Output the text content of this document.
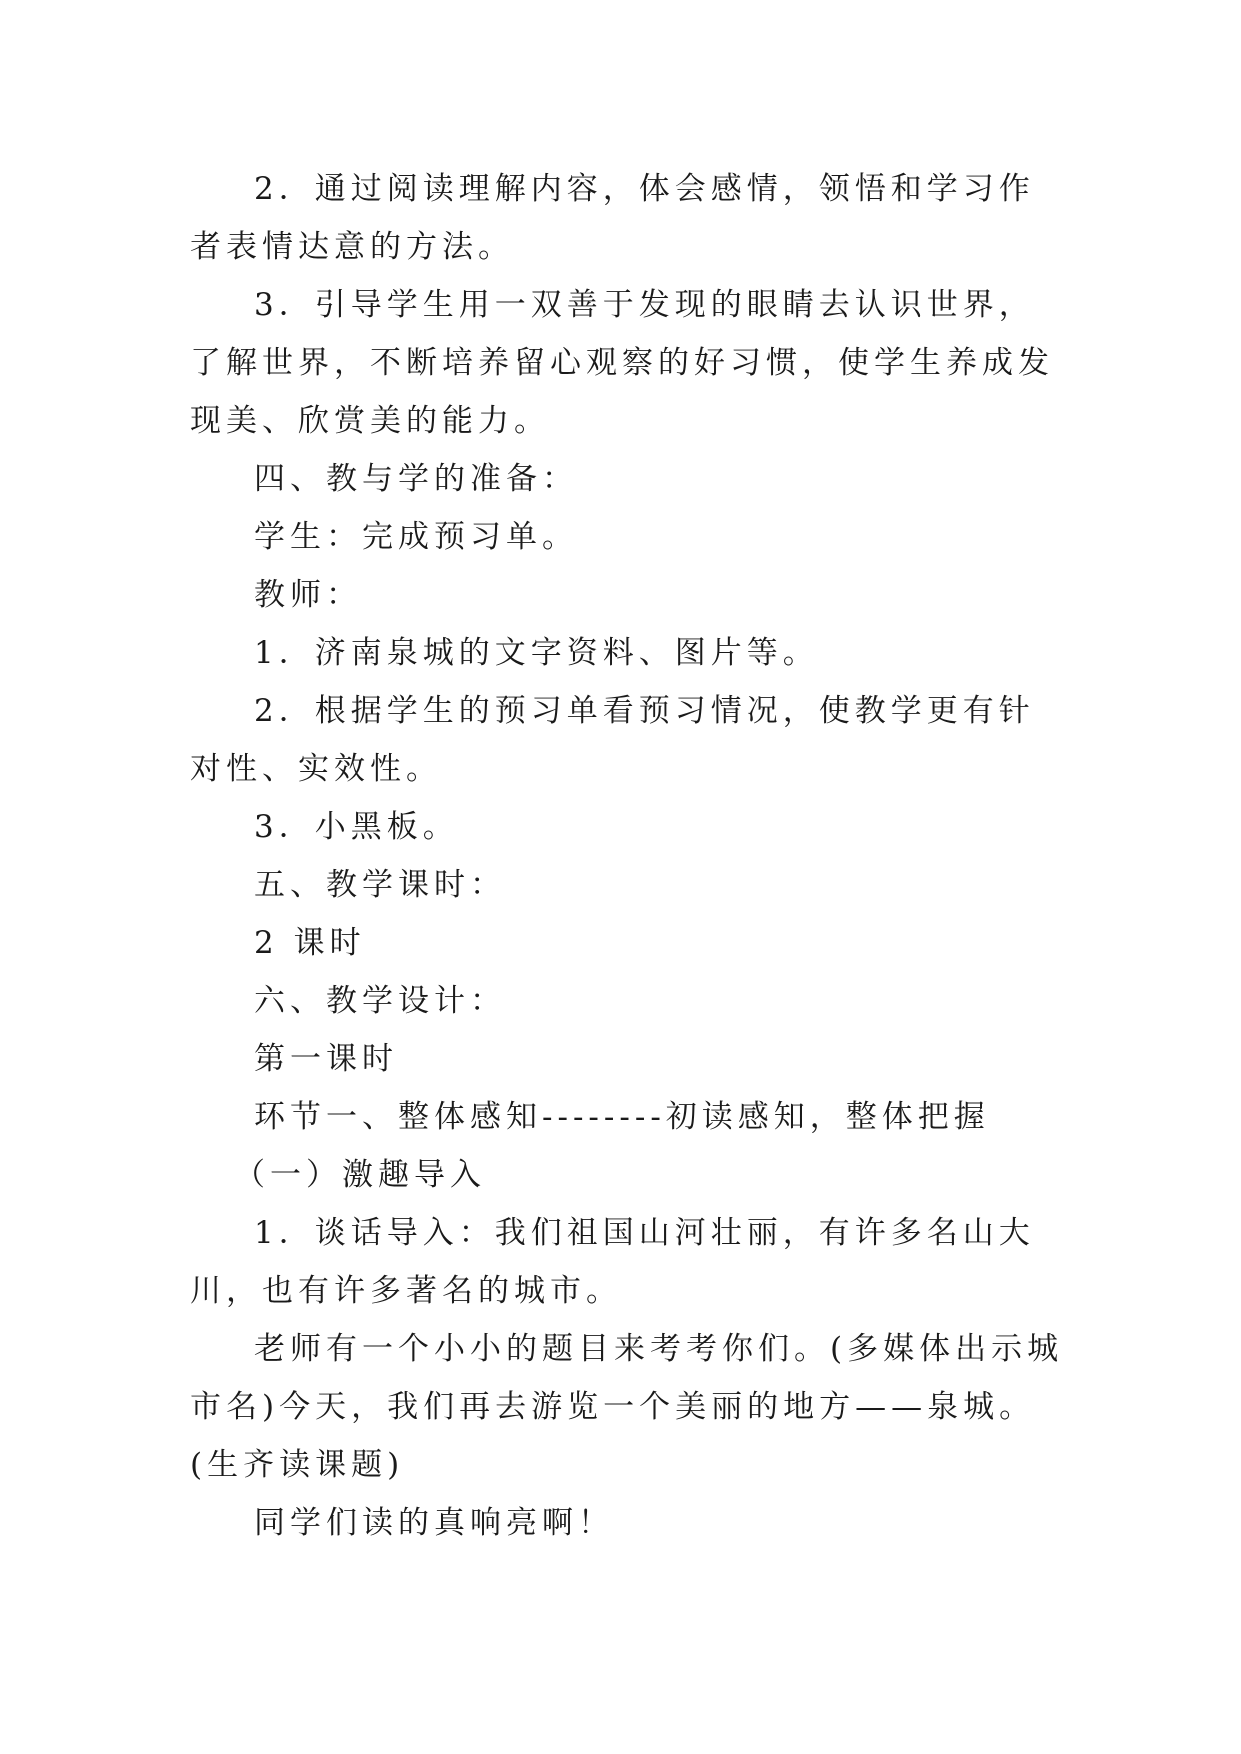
2．通过阅读理解内容，体会感情，领悟和学习作者表情达意的方法。

3．引导学生用一双善于发现的眼睛去认识世界，了解世界，不断培养留心观察的好习惯，使学生养成发现美、欣赏美的能力。

四、教与学的准备：

学生：完成预习单。

教师：

1．济南泉城的文字资料、图片等。

2．根据学生的预习单看预习情况，使教学更有针对性、实效性。

3．小黑板。

五、教学课时：

2 课时

六、教学设计：

第一课时

环节一、整体感知--------初读感知，整体把握

（一）激趣导入

1．谈话导入：我们祖国山河壮丽，有许多名山大川，也有许多著名的城市。

老师有一个小小的题目来考考你们。(多媒体出示城市名)今天，我们再去游览一个美丽的地方——泉城。(生齐读课题)

同学们读的真响亮啊！
